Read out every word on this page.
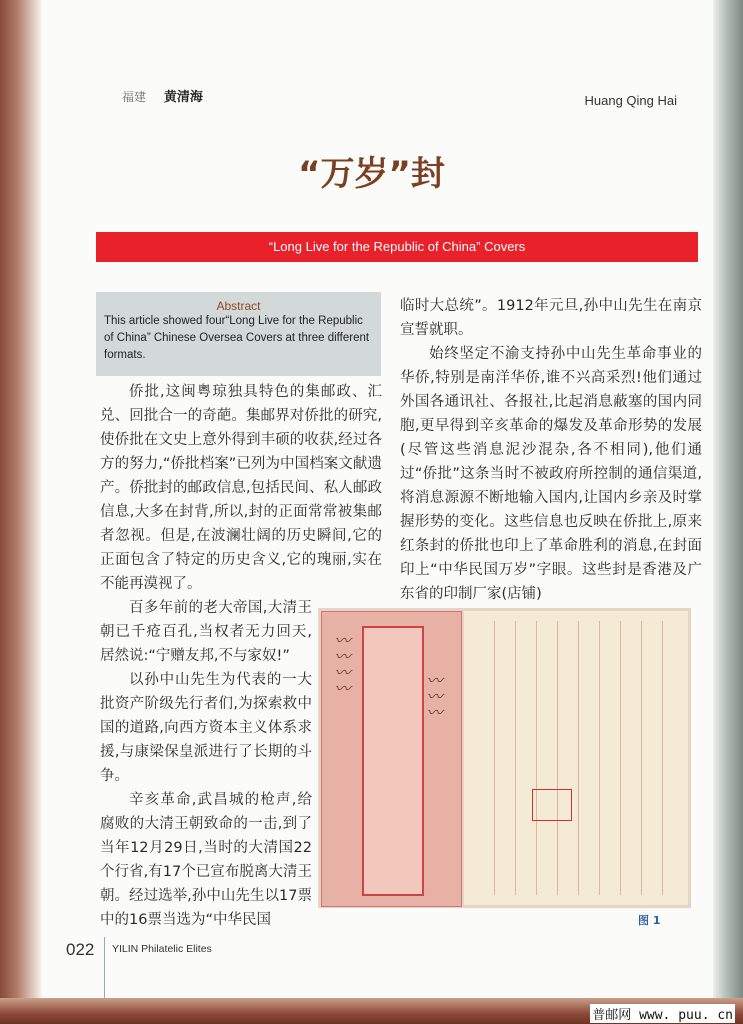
福建 黄清海	Huang Qing Hai
“万岁”封
“Long Live for the Republic of China” Covers
Abstract
This article showed four“Long Live for the Republic of China” Chinese Oversea Covers at three different formats.

侨批,这闽粤琼独具特色的集邮政、汇兑、回批合一的奇葩。集邮界对侨批的研究,使侨批在文史上意外得到丰硕的收获,经过各方的努力,“侨批档案”已列为中国档案文献遗产。侨批封的邮政信息,包括民间、私人邮政信息,大多在封背,所以,封的正面常常被集邮者忽视。但是,在波澜壮阔的历史瞬间,它的正面包含了特定的历史含义,它的瑰丽,实在不能再漠视了。

百多年前的老大帝国,大清王朝已千疮百孔,当权者无力回天,居然说:“宁赠友邦,不与家奴!”

以孙中山先生为代表的一大批资产阶级先行者们,为探索救中国的道路,向西方资本主义体系求援,与康梁保皇派进行了长期的斗争。

辛亥革命,武昌城的枪声,给腐败的大清王朝致命的一击,到了当年12月29日,当时的大清国22个行省,有17个已宣布脱离大清王朝。经过选举,孙中山先生以17票中的16票当选为“中华民国

临时大总统”。1912年元旦,孙中山先生在南京宣誓就职。

始终坚定不渝支持孙中山先生革命事业的华侨,特别是南洋华侨,谁不兴高采烈!他们通过外国各通讯社、各报社,比起消息蔽塞的国内同胞,更早得到辛亥革命的爆发及革命形势的发展(尽管这些消息泥沙混杂,各不相同),他们通过“侨批”这条当时不被政府所控制的通信渠道,将消息源源不断地输入国内,让国内乡亲及时掌握形势的变化。这些信息也反映在侨批上,原来红条封的侨批也印上了革命胜利的消息,在封面印上“中华民国万岁”字眼。这些封是香港及广东省的印制厂家(店铺)

〰〰〰〰	〰〰〰
图 1
022 YILIN Philatelic Elites
普邮网 www. puu. cn
